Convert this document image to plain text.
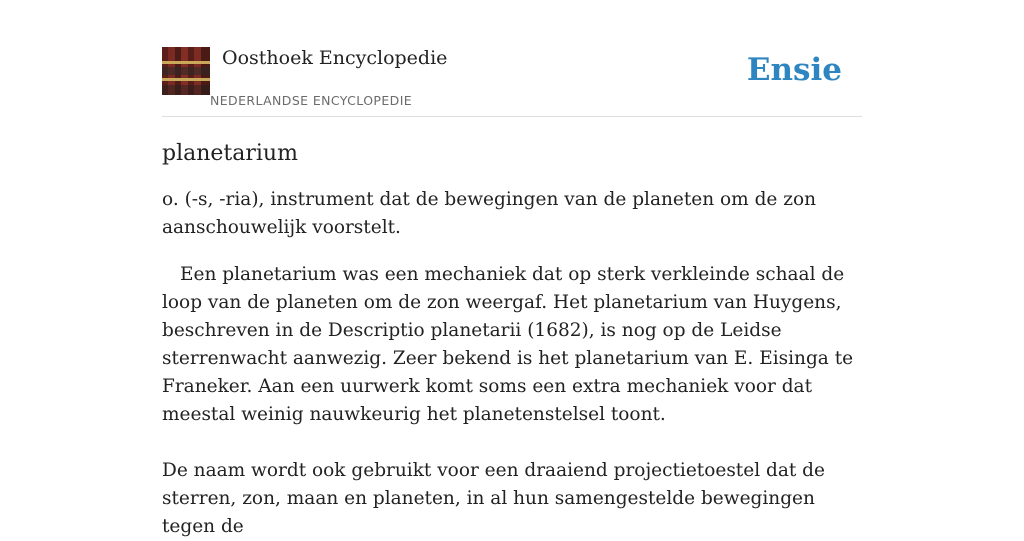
Oosthoek Encyclopedie
NEDERLANDSE ENCYCLOPEDIE
Ensie
planetarium

o. (-s, -ria), instrument dat de bewegingen van de planeten om de zon aanschouwelijk voorstelt.

Een planetarium was een mechaniek dat op sterk verkleinde schaal de loop van de planeten om de zon weergaf. Het planetarium van Huygens, beschreven in de Descriptio planetarii (1682), is nog op de Leidse sterrenwacht aanwezig. Zeer bekend is het planetarium van E. Eisinga te Franeker. Aan een uurwerk komt soms een extra mechaniek voor dat meestal weinig nauwkeurig het planetenstelsel toont.

De naam wordt ook gebruikt voor een draaiend projectietoestel dat de sterren, zon, maan en planeten, in al hun samengestelde bewegingen tegen de
